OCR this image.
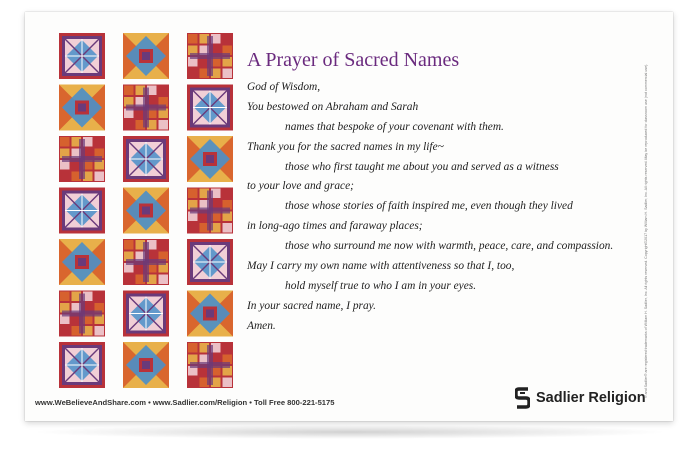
A Prayer of Sacred Names
God of Wisdom,
You bestowed on Abraham and Sarah
names that bespoke of your covenant with them.
Thank you for the sacred names in my life~
those who first taught me about you and served as a witness
to your love and grace;
those whose stories of faith inspired me, even though they lived
in long-ago times and faraway places;
those who surround me now with warmth, peace, care, and compassion.
May I carry my own name with attentiveness so that I, too,
hold myself true to who I am in your eyes.
In your sacred name, I pray.
Amen.
www.WeBelieveAndShare.com • www.Sadlier.com/Religion • Toll Free 800-221-5175	Sadlier Religion
® and Sadlier® are registered trademarks of William H. Sadlier, Inc. All rights reserved. Copyright©2017 by William H. Sadlier, Inc. All rights reserved. May be reproduced for classroom use (not commercial use).
